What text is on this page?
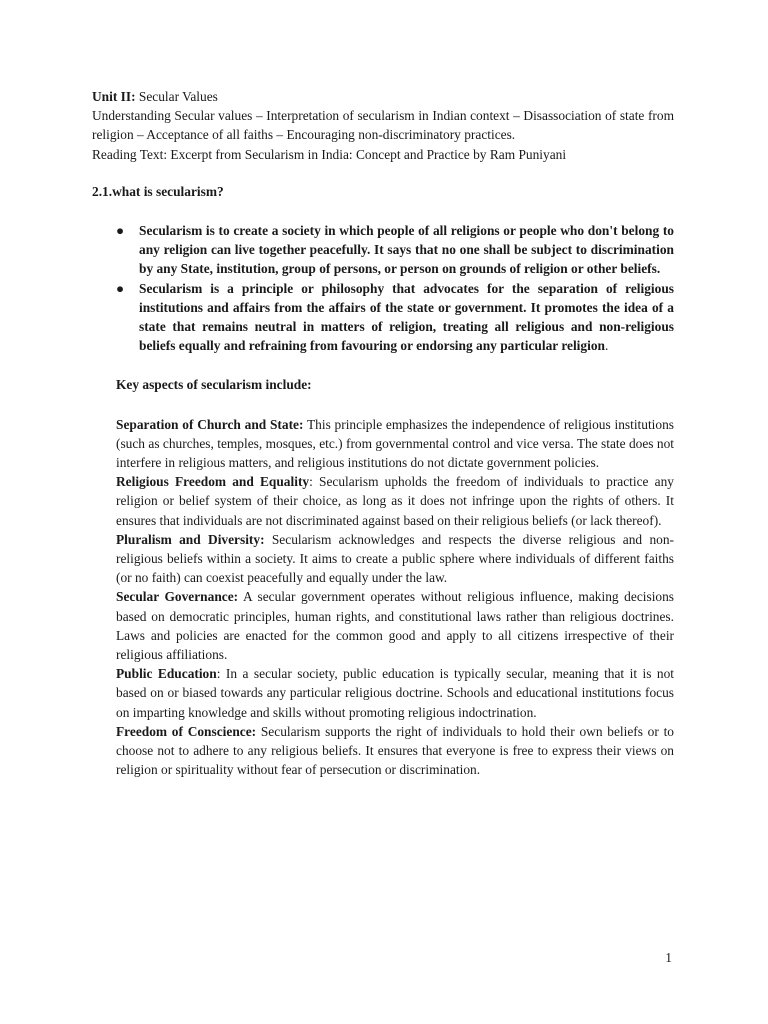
Unit II: Secular Values

Understanding Secular values – Interpretation of secularism in Indian context – Disassociation of state from religion – Acceptance of all faiths – Encouraging non-discriminatory practices.

Reading Text: Excerpt from Secularism in India: Concept and Practice by Ram Puniyani

2.1.what is secularism?

● Secularism is to create a society in which people of all religions or people who don't belong to any religion can live together peacefully. It says that no one shall be subject to discrimination by any State, institution, group of persons, or person on grounds of religion or other beliefs.
● Secularism is a principle or philosophy that advocates for the separation of religious institutions and affairs from the affairs of the state or government. It promotes the idea of a state that remains neutral in matters of religion, treating all religious and non-religious beliefs equally and refraining from favouring or endorsing any particular religion.

Key aspects of secularism include:

Separation of Church and State: This principle emphasizes the independence of religious institutions (such as churches, temples, mosques, etc.) from governmental control and vice versa. The state does not interfere in religious matters, and religious institutions do not dictate government policies.

Religious Freedom and Equality: Secularism upholds the freedom of individuals to practice any religion or belief system of their choice, as long as it does not infringe upon the rights of others. It ensures that individuals are not discriminated against based on their religious beliefs (or lack thereof).

Pluralism and Diversity: Secularism acknowledges and respects the diverse religious and non-religious beliefs within a society. It aims to create a public sphere where individuals of different faiths (or no faith) can coexist peacefully and equally under the law.

Secular Governance: A secular government operates without religious influence, making decisions based on democratic principles, human rights, and constitutional laws rather than religious doctrines. Laws and policies are enacted for the common good and apply to all citizens irrespective of their religious affiliations.

Public Education: In a secular society, public education is typically secular, meaning that it is not based on or biased towards any particular religious doctrine. Schools and educational institutions focus on imparting knowledge and skills without promoting religious indoctrination.

Freedom of Conscience: Secularism supports the right of individuals to hold their own beliefs or to choose not to adhere to any religious beliefs. It ensures that everyone is free to express their views on religion or spirituality without fear of persecution or discrimination.

1
